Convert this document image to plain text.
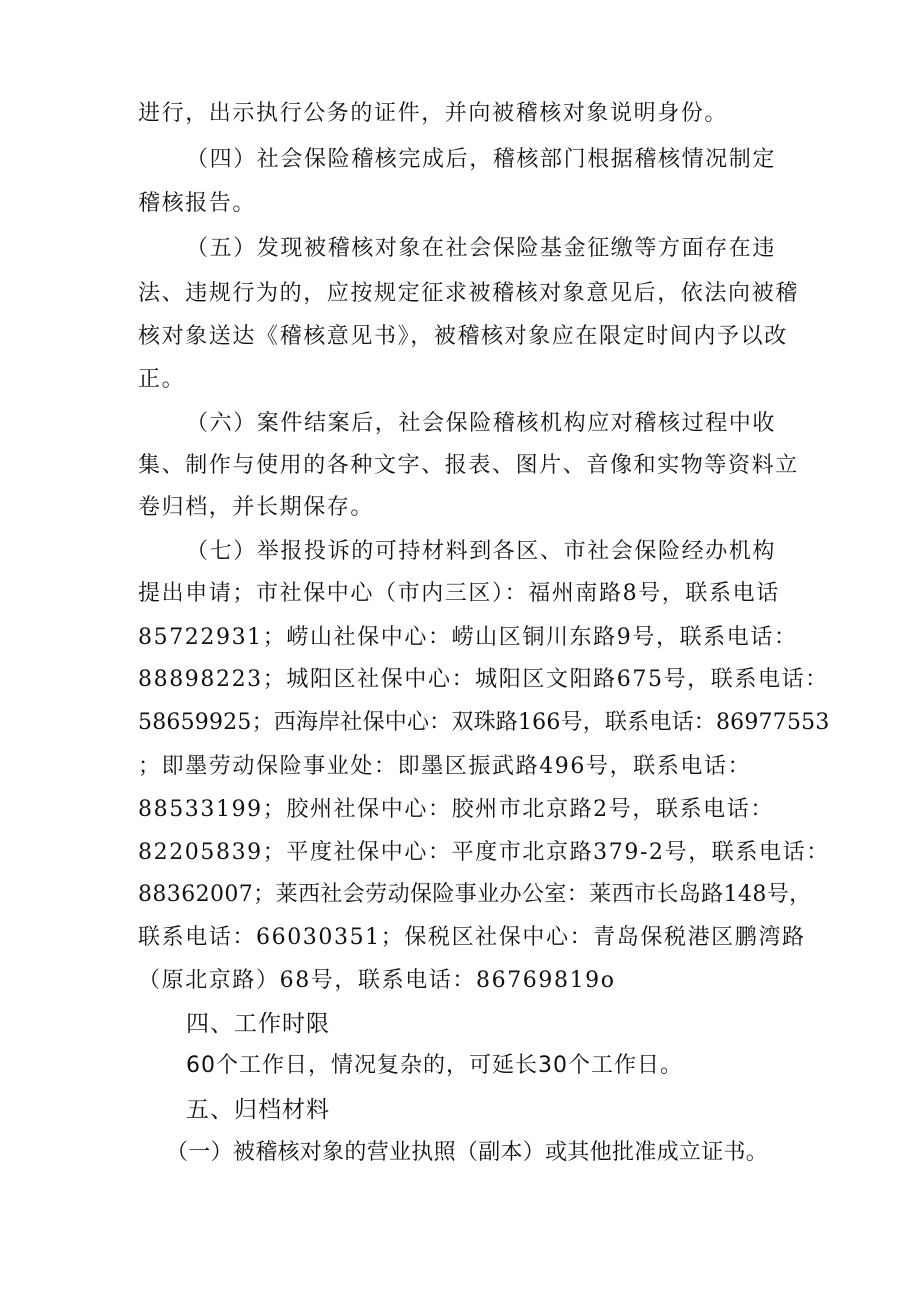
进行，出示执行公务的证件，并向被稽核对象说明身份。
（四）社会保险稽核完成后，稽核部门根据稽核情况制定
稽核报告。
（五）发现被稽核对象在社会保险基金征缴等方面存在违
法、违规行为的，应按规定征求被稽核对象意见后，依法向被稽
核对象送达《稽核意见书》，被稽核对象应在限定时间内予以改
正。
（六）案件结案后，社会保险稽核机构应对稽核过程中收
集、制作与使用的各种文字、报表、图片、音像和实物等资料立
卷归档，并长期保存。
（七）举报投诉的可持材料到各区、市社会保险经办机构
提出申请；市社保中心（市内三区）：福州南路8号，联系电话
85722931；崂山社保中心：崂山区铜川东路9号，联系电话：
88898223；城阳区社保中心：城阳区文阳路675号，联系电话：
58659925；西海岸社保中心：双珠路166号，联系电话：86977553
；即墨劳动保险事业处：即墨区振武路496号，联系电话：
88533199；胶州社保中心：胶州市北京路2号，联系电话：
82205839；平度社保中心：平度市北京路379-2号，联系电话：
88362007；莱西社会劳动保险事业办公室：莱西市长岛路148号，
联系电话：66030351；保税区社保中心：青岛保税港区鹏湾路
（原北京路）68号，联系电话：86769819o
四、工作时限
60个工作日，情况复杂的，可延长30个工作日。
五、归档材料
（一）被稽核对象的营业执照（副本）或其他批准成立证书。
